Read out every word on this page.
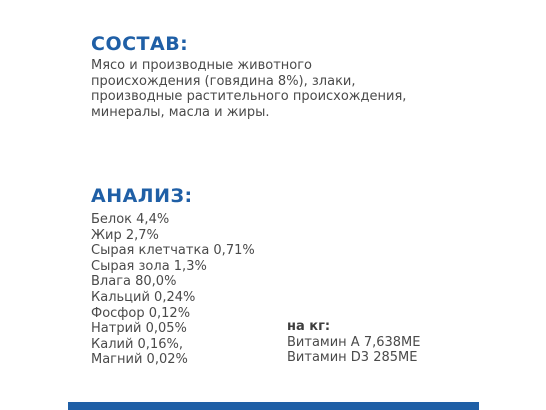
СОСТАВ:

Мясо и производные животного
происхождения (говядина 8%), злаки,
производные растительного происхождения,
минералы, масла и жиры.

АНАЛИЗ:
Белок 4,4%
Жир 2,7%
Сырая клетчатка 0,71%
Сырая зола 1,3%
Влага 80,0%
Кальций 0,24%
Фосфор 0,12%
Натрий 0,05%
Калий 0,16%,
Магний 0,02%
на кг:
Витамин А 7,638МЕ
Витамин D3 285МЕ
